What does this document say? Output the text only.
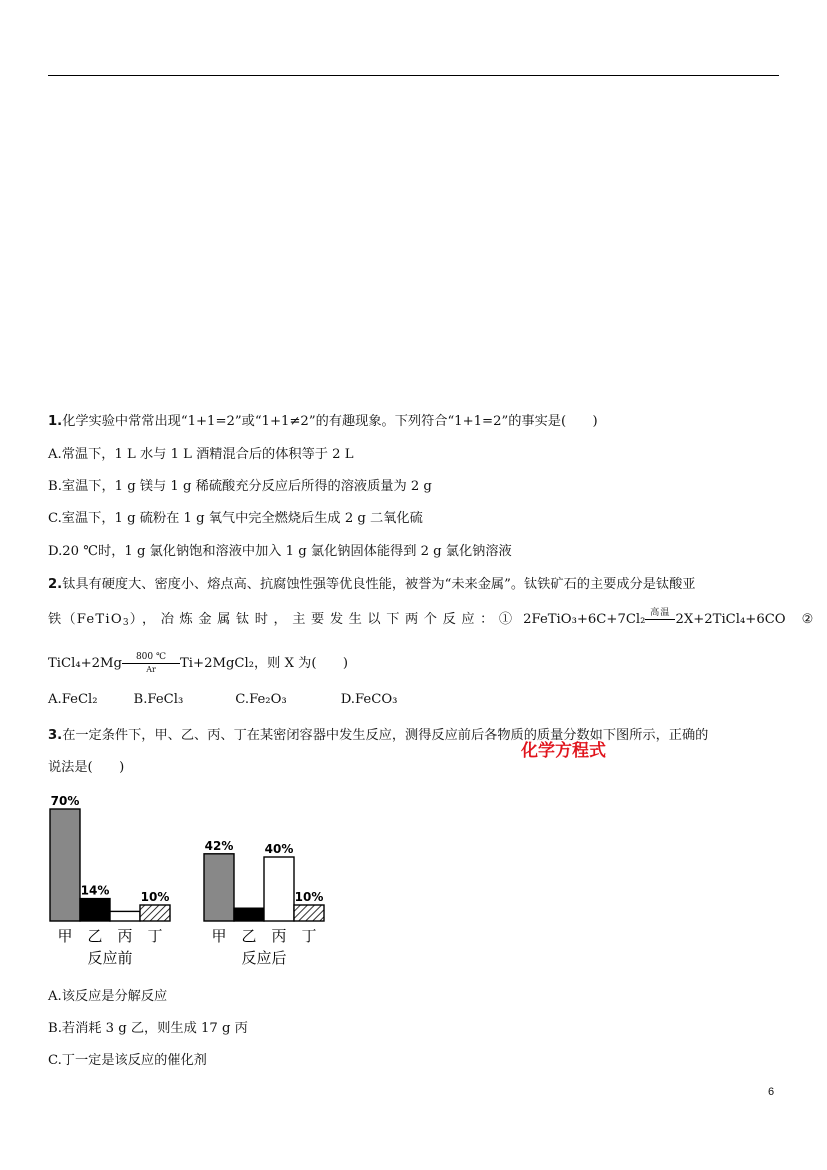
化学方程式
1.化学实验中常常出现“1+1=2”或“1+1≠2”的有趣现象。下列符合“1+1=2”的事实是(　　)
A.常温下，1 L 水与 1 L 酒精混合后的体积等于 2 L
B.室温下，1 g 镁与 1 g 稀硫酸充分反应后所得的溶液质量为 2 g
C.室温下，1 g 硫粉在 1 g 氧气中完全燃烧后生成 2 g 二氧化硫
D.20 ℃时，1 g 氯化钠饱和溶液中加入 1 g 氯化钠固体能得到 2 g 氯化钠溶液
2.钛具有硬度大、密度小、熔点高、抗腐蚀性强等优良性能，被誉为“未来金属”。钛铁矿石的主要成分是钛酸亚
铁（FeTiO$_3$），冶炼金属钛时，主要发生以下两个反应：① 2FeTiO₃+6C+7Cl₂ 高温
2X+2TiCl₄+6CO ②
TiCl₄+2Mg $\frac{800 ℃}{Ar}$ Ti+2MgCl₂，则 X 为(　　)
A.FeCl₂	B.FeCl₃	C.Fe₂O₃	D.FeCO₃
3.在一定条件下，甲、乙、丙、丁在某密闭容器中发生反应，测得反应前后各物质的质量分数如下图所示，正确的
说法是(　　)
70%
甲
14%
乙 丙
10%
丁
反应前
42%
甲 乙
40%
丙
10%
丁
反应后
A.该反应是分解反应
B.若消耗 3 g 乙，则生成 17 g 丙
C.丁一定是该反应的催化剂
6
